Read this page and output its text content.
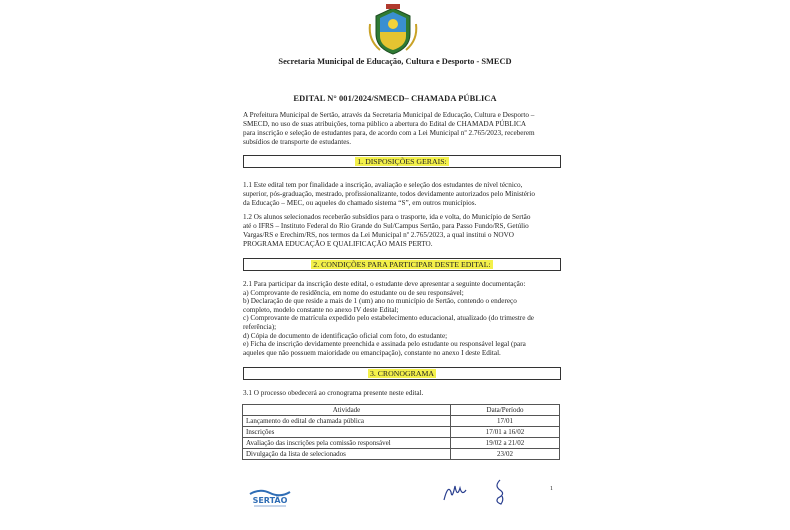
Secretaria Municipal de Educação, Cultura e Desporto - SMECD
EDITAL N° 001/2024/SMECD– CHAMADA PÚBLICA
A Prefeitura Municipal de Sertão, através da Secretaria Municipal de Educação, Cultura e Desporto –
SMECD, no uso de suas atribuições, torna público a abertura do Edital de CHAMADA PÚBLICA
para inscrição e seleção de estudantes para, de acordo com a Lei Municipal nº 2.765/2023, receberem
subsídios de transporte de estudantes.
1. DISPOSIÇÕES GERAIS:
1.1 Este edital tem por finalidade a inscrição, avaliação e seleção dos estudantes de nível técnico,
superior, pós-graduação, mestrado, profissionalizante, todos devidamente autorizados pelo Ministério
da Educação – MEC, ou aqueles do chamado sistema “S”, em outros municípios.
1.2 Os alunos selecionados receberão subsídios para o trasporte, ida e volta, do Município de Sertão
até o IFRS – Instituto Federal do Rio Grande do Sul/Campus Sertão, para Passo Fundo/RS, Getúlio
Vargas/RS e Erechim/RS, nos termos da Lei Municipal nº 2.765/2023, a qual institui o NOVO
PROGRAMA EDUCAÇÃO E QUALIFICAÇÃO MAIS PERTO.
2. CONDIÇÕES PARA PARTICIPAR DESTE EDITAL:
2.1 Para participar da inscrição deste edital, o estudante deve apresentar a seguinte documentação:
a) Comprovante de residência, em nome do estudante ou de seu responsável;
b) Declaração de que reside a mais de 1 (um) ano no município de Sertão, contendo o endereço
completo, modelo constante no anexo IV deste Edital;
c) Comprovante de matrícula expedido pelo estabelecimento educacional, atualizado (do trimestre de
referência);
d) Cópia de documento de identificação oficial com foto, do estudante;
e) Ficha de inscrição devidamente preenchida e assinada pelo estudante ou responsável legal (para
aqueles que não possuem maioridade ou emancipação), constante no anexo I deste Edital.
3. CRONOGRAMA
3.1 O processo obedecerá ao cronograma presente neste edital.
Atividade	Data/Período
Lançamento do edital de chamada pública	17/01
Inscrições	17/01 a 16/02
Avaliação das inscrições pela comissão responsável	19/02 a 21/02
Divulgação da lista de selecionados	23/02
SERTÃO
1
